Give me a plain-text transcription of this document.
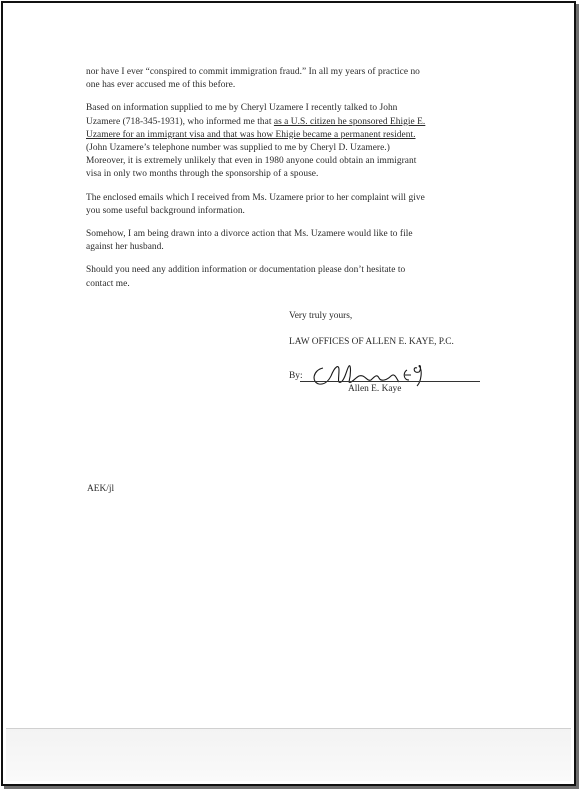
nor have I ever “conspired to commit immigration fraud.” In all my years of practice no
one has ever accused me of this before.

Based on information supplied to me by Cheryl Uzamere I recently talked to John
Uzamere (718-345-1931), who informed me that as a U.S. citizen he sponsored Ehigie E.
Uzamere for an immigrant visa and that was how Ehigie became a permanent resident.
(John Uzamere’s telephone number was supplied to me by Cheryl D. Uzamere.)
Moreover, it is extremely unlikely that even in 1980 anyone could obtain an immigrant
visa in only two months through the sponsorship of a spouse.

The enclosed emails which I received from Ms. Uzamere prior to her complaint will give
you some useful background information.

Somehow, I am being drawn into a divorce action that Ms. Uzamere would like to file
against her husband.

Should you need any addition information or documentation please don’t hesitate to
contact me.

Very truly yours,
LAW OFFICES OF ALLEN E. KAYE, P.C.
By:
Allen E. Kaye
AEK/jl
